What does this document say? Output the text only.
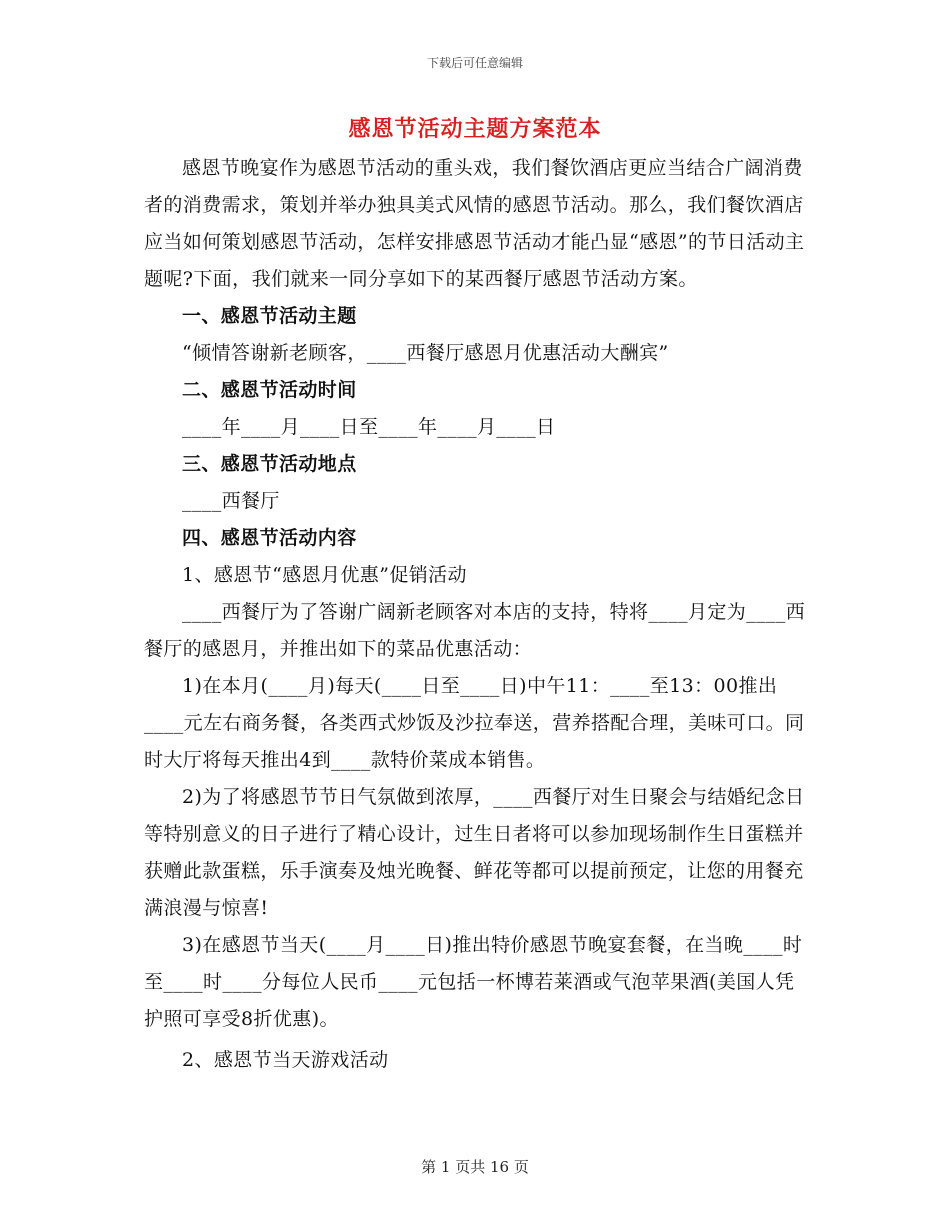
下载后可任意编辑
感恩节活动主题方案范本

感恩节晚宴作为感恩节活动的重头戏，我们餐饮酒店更应当结合广阔消费者的消费需求，策划并举办独具美式风情的感恩节活动。那么，我们餐饮酒店应当如何策划感恩节活动，怎样安排感恩节活动才能凸显“感恩”的节日活动主题呢?下面，我们就来一同分享如下的某西餐厅感恩节活动方案。

一、感恩节活动主题

“倾情答谢新老顾客，____西餐厅感恩月优惠活动大酬宾”

二、感恩节活动时间

____年____月____日至____年____月____日

三、感恩节活动地点

____西餐厅

四、感恩节活动内容

1、感恩节“感恩月优惠”促销活动

____西餐厅为了答谢广阔新老顾客对本店的支持，特将____月定为____西餐厅的感恩月，并推出如下的菜品优惠活动：

1)在本月(____月)每天(____日至____日)中午11：____至13：00推出____元左右商务餐，各类西式炒饭及沙拉奉送，营养搭配合理，美味可口。同时大厅将每天推出4到____款特价菜成本销售。

2)为了将感恩节节日气氛做到浓厚，____西餐厅对生日聚会与结婚纪念日等特别意义的日子进行了精心设计，过生日者将可以参加现场制作生日蛋糕并获赠此款蛋糕，乐手演奏及烛光晚餐、鲜花等都可以提前预定，让您的用餐充满浪漫与惊喜!

3)在感恩节当天(____月____日)推出特价感恩节晚宴套餐，在当晚____时至____时____分每位人民币____元包括一杯博若莱酒或气泡苹果酒(美国人凭护照可享受8折优惠)。

2、感恩节当天游戏活动

第 1 页共 16 页
